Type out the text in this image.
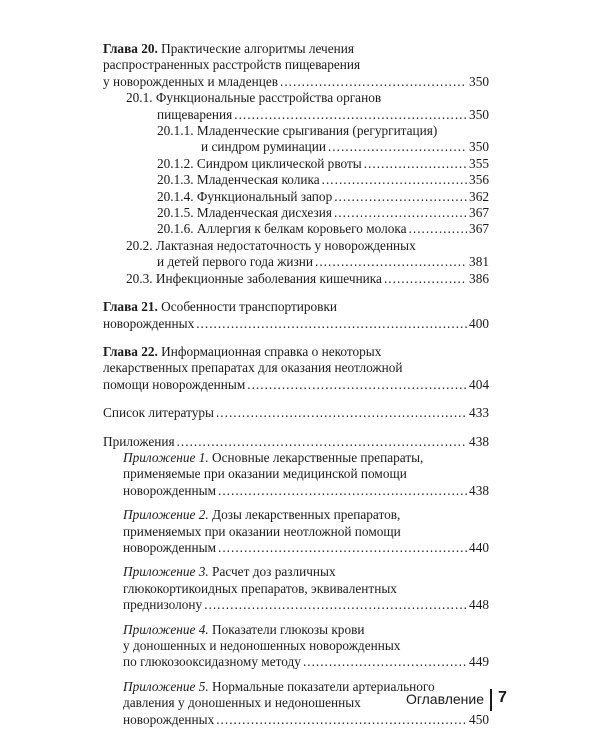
Глава 20. Практические алгоритмы лечения
распространенных расстройств пищеварения
у новорожденных и младенцев .....	350
20.1. Функциональные расстройства органов
пищеварения .....	350
20.1.1. Младенческие срыгивания (регургитация)
и синдром руминации .....	350
20.1.2. Синдром циклической рвоты .....	355
20.1.3. Младенческая колика .....	356
20.1.4. Функциональный запор .....	362
20.1.5. Младенческая дисхезия .....	367
20.1.6. Аллергия к белкам коровьего молока .....	367
20.2. Лактазная недостаточность у новорожденных
и детей первого года жизни .....	381
20.3. Инфекционные заболевания кишечника .....	386
Глава 21. Особенности транспортировки
новорожденных .....	400
Глава 22. Информационная справка о некоторых
лекарственных препаратах для оказания неотложной
помощи новорожденным .....	404
Список литературы .....	433
Приложения .....	438
Приложение 1. Основные лекарственные препараты,
применяемые при оказании медицинской помощи
новорожденным .....	438
Приложение 2. Дозы лекарственных препаратов,
применяемых при оказании неотложной помощи
новорожденным .....	440
Приложение 3. Расчет доз различных
глюкокортикоидных препаратов, эквивалентных
преднизолону .....	448
Приложение 4. Показатели глюкозы крови
у доношенных и недоношенных новорожденных
по глюкозооксидазному методу .....	449
Приложение 5. Нормальные показатели артериального
давления у доношенных и недоношенных
новорожденных .....	450
Оглавление 7
